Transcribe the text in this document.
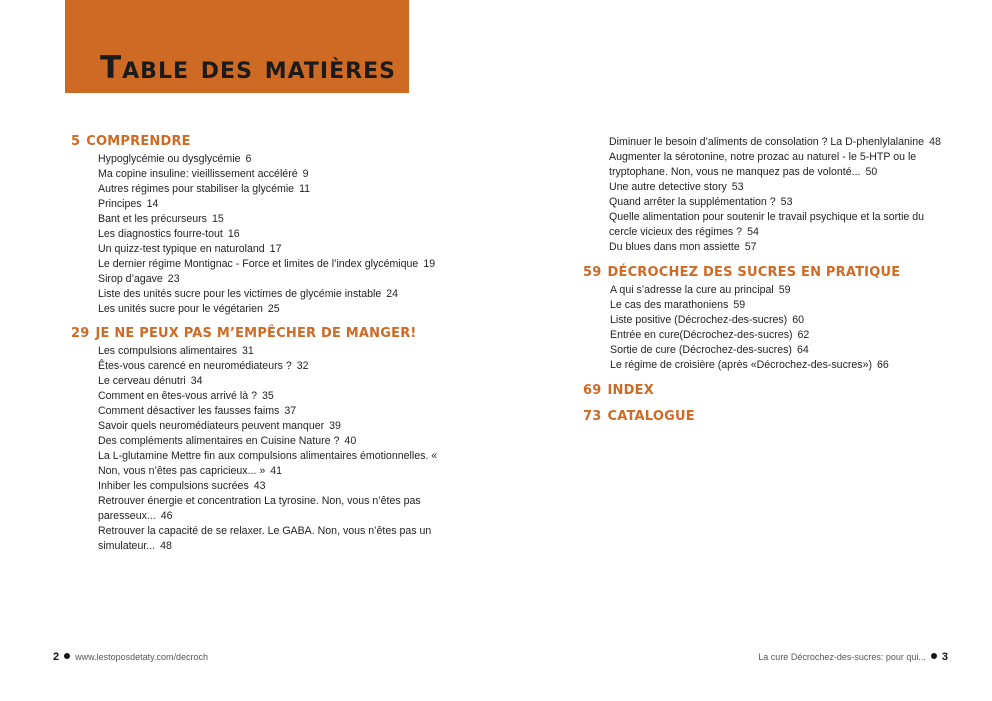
Table des matières
5 COMPRENDRE
Hypoglycémie ou dysglycémie 6
Ma copine insuline: vieillissement accéléré 9
Autres régimes pour stabiliser la glycémie 11
Principes 14
Bant et les précurseurs 15
Les diagnostics fourre-tout 16
Un quizz-test typique en naturoland 17
Le dernier régime Montignac - Force et limites de l’index glycémique 19
Sirop d’agave 23
Liste des unités sucre pour les victimes de glycémie instable 24
Les unités sucre pour le végétarien 25
29 JE NE PEUX PAS M’EMPÊCHER DE MANGER!
Les compulsions alimentaires 31
Êtes-vous carencé en neuromédiateurs ? 32
Le cerveau dénutri 34
Comment en êtes-vous arrivé là ? 35
Comment désactiver les fausses faims 37
Savoir quels neuromédiateurs peuvent manquer 39
Des compléments alimentaires en Cuisine Nature ? 40
La L-glutamine Mettre fin aux compulsions alimentaires émotionnelles. « Non, vous n’êtes pas capricieux... » 41
Inhiber les compulsions sucrées 43
Retrouver énergie et concentration La tyrosine. Non, vous n’êtes pas paresseux... 46
Retrouver la capacité de se relaxer. Le GABA. Non, vous n’êtes pas un simulateur... 48
Diminuer le besoin d’aliments de consolation ? La D-phenlylalanine 48
Augmenter la sérotonine, notre prozac au naturel - le 5-HTP ou le tryptophane. Non, vous ne manquez pas de volonté... 50
Une autre detective story 53
Quand arrêter la supplémentation ? 53
Quelle alimentation pour soutenir le travail psychique et la sortie du cercle vicieux des régimes ? 54
Du blues dans mon assiette 57
59 DÉCROCHEZ DES SUCRES EN PRATIQUE
A qui s’adresse la cure au principal 59
Le cas des marathoniens 59
Liste positive (Décrochez-des-sucres) 60
Entrée en cure(Décrochez-des-sucres) 62
Sortie de cure (Décrochez-des-sucres) 64
Le régime de croisière (après «Décrochez-des-sucres») 66
69 INDEX
73 CATALOGUE
2 www.lestoposdetaty.com/decroch	La cure Décrochez-des-sucres: pour qui... 3
